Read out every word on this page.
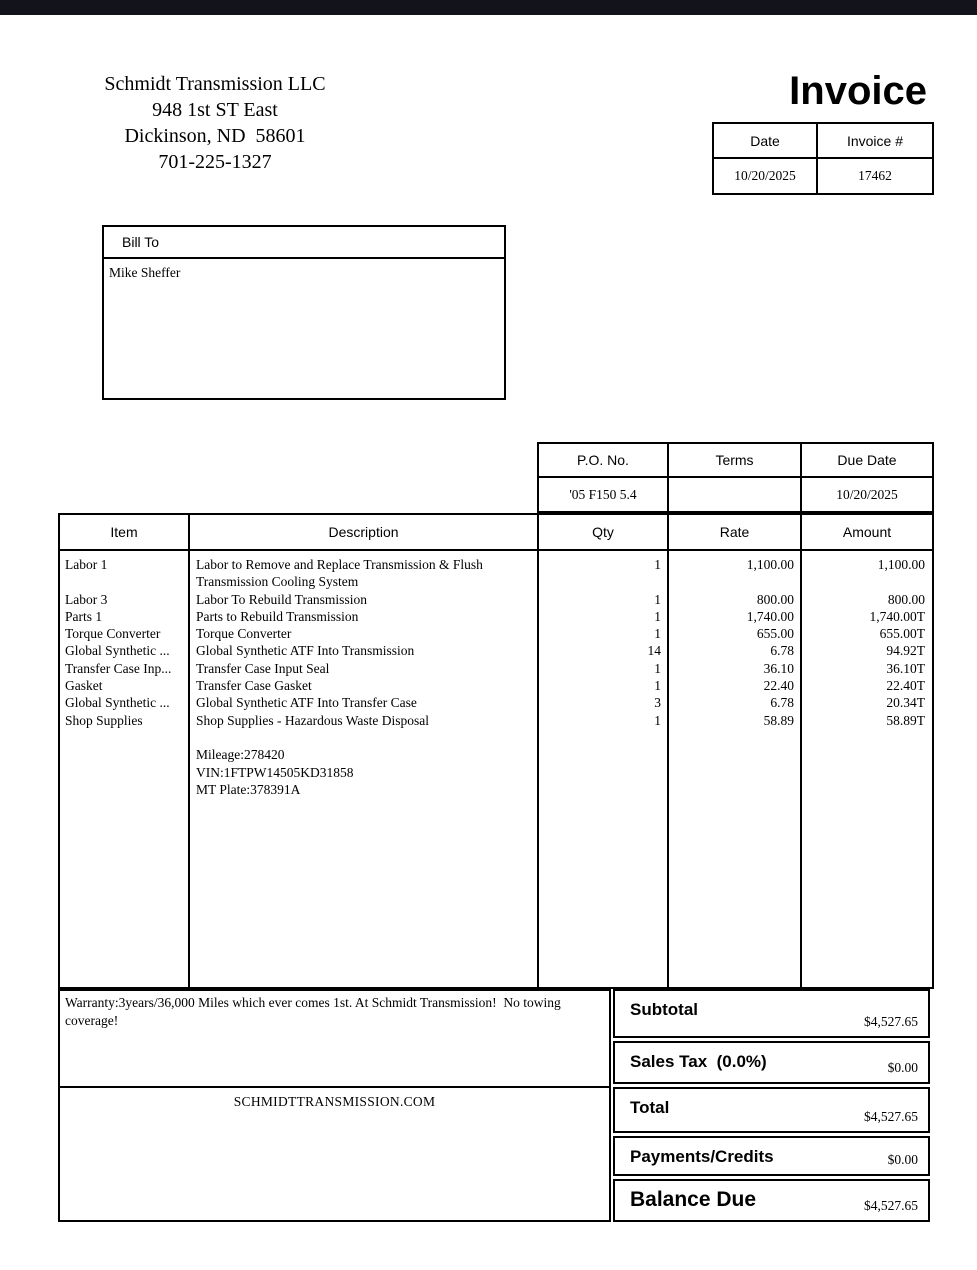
Schmidt Transmission LLC
948 1st ST East
Dickinson, ND  58601
701-225-1327
Invoice
Date	Invoice #
10/20/2025	17462
Bill To
Mike Sheffer
P.O. No.	Terms	Due Date
'05 F150 5.4		10/20/2025
Item	Description	Qty	Rate	Amount
Labor 1	Labor to Remove and Replace Transmission & Flush	1	1,100.00	1,100.00
	Transmission Cooling System			
Labor 3	Labor To Rebuild Transmission	1	800.00	800.00
Parts 1	Parts to Rebuild Transmission	1	1,740.00	1,740.00T
Torque Converter	Torque Converter	1	655.00	655.00T
Global Synthetic ...	Global Synthetic ATF Into Transmission	14	6.78	94.92T
Transfer Case Inp...	Transfer Case Input Seal	1	36.10	36.10T
Gasket	Transfer Case Gasket	1	22.40	22.40T
Global Synthetic ...	Global Synthetic ATF Into Transfer Case	3	6.78	20.34T
Shop Supplies	Shop Supplies - Hazardous Waste Disposal	1	58.89	58.89T

	Mileage:278420			
	VIN:1FTPW14505KD31858			
	MT Plate:378391A			

Warranty:3years/36,000 Miles which ever comes 1st. At Schmidt Transmission!  No towing coverage!
SCHMIDTTRANSMISSION.COM
Subtotal
$4,527.65
Sales Tax  (0.0%)	$0.00
Total	$4,527.65
Payments/Credits	$0.00
Balance Due	$4,527.65
